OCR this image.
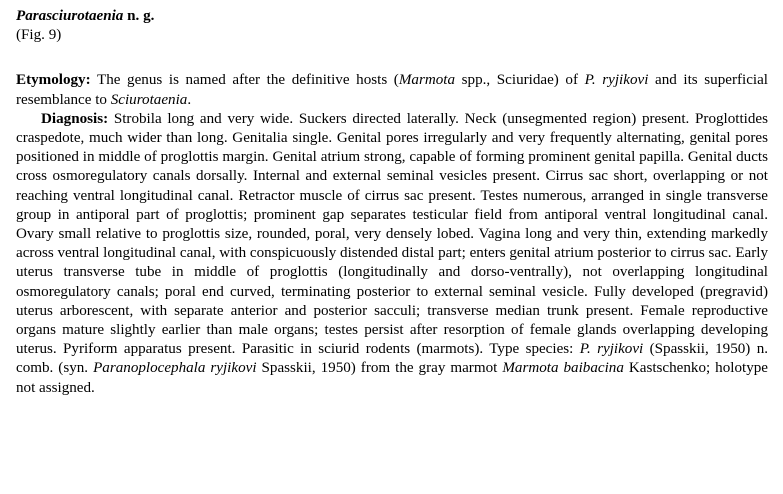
Parasciurotaenia n. g.

(Fig. 9)

Etymology: The genus is named after the definitive hosts (Marmota spp., Sciuridae) of P. ryjikovi and its superficial resemblance to Sciurotaenia.

Diagnosis: Strobila long and very wide. Suckers directed laterally. Neck (unsegmented region) present. Proglottides craspedote, much wider than long. Genitalia single. Genital pores irregularly and very frequently alternating, genital pores positioned in middle of proglottis margin. Genital atrium strong, capable of forming prominent genital papilla. Genital ducts cross osmoregulatory canals dorsally. Internal and external seminal vesicles present. Cirrus sac short, overlapping or not reaching ventral longitudinal canal. Retractor muscle of cirrus sac present. Testes numerous, arranged in single transverse group in antiporal part of proglottis; prominent gap separates testicular field from antiporal ventral longitudinal canal. Ovary small relative to proglottis size, rounded, poral, very densely lobed. Vagina long and very thin, extending markedly across ventral longitudinal canal, with conspicuously distended distal part; enters genital atrium posterior to cirrus sac. Early uterus transverse tube in middle of proglottis (longitudinally and dorso-ventrally), not overlapping longitudinal osmoregulatory canals; poral end curved, terminating posterior to external seminal vesicle. Fully developed (pregravid) uterus arborescent, with separate anterior and posterior sacculi; transverse median trunk present. Female reproductive organs mature slightly earlier than male organs; testes persist after resorption of female glands overlapping developing uterus. Pyriform apparatus present. Parasitic in sciurid rodents (marmots). Type species: P. ryjikovi (Spasskii, 1950) n. comb. (syn. Paranoplocephala ryjikovi Spasskii, 1950) from the gray marmot Marmota baibacina Kastschenko; holotype not assigned.
